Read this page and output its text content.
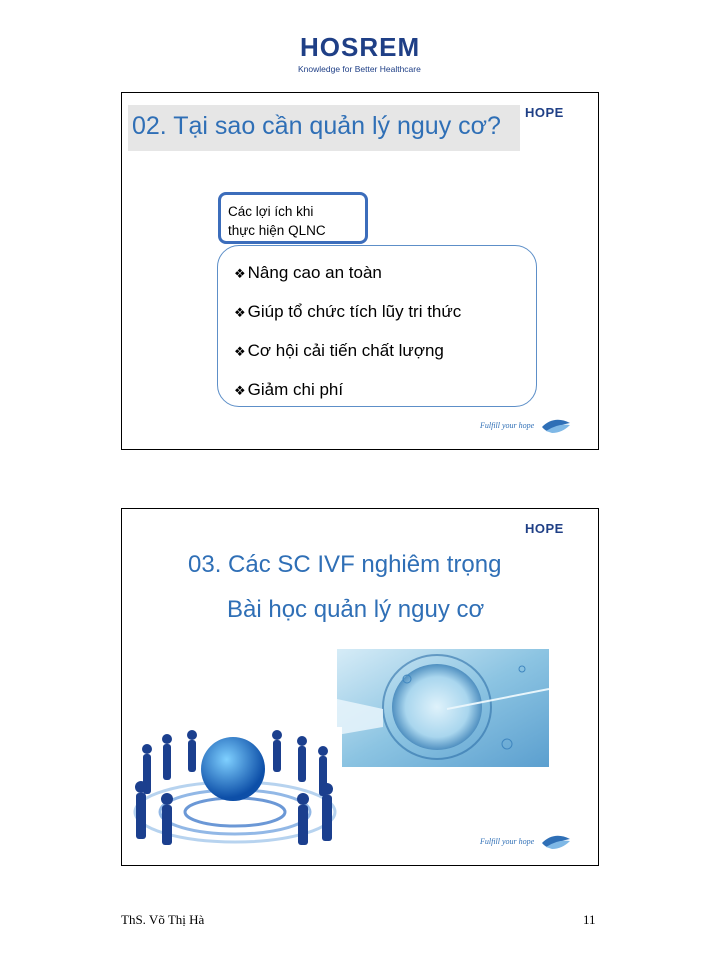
HOSREM
Knowledge for Better Healthcare
02. Tại sao cần quản lý nguy cơ? HOPE
❖ Nâng cao an toàn
❖ Giúp tổ chức tích lũy tri thức
❖ Cơ hội cải tiến chất lượng
❖ Giảm chi phí
Các lợi ích khi
thực hiện QLNC
Fulfill your hope
HOPE
03. Các SC IVF nghiêm trọng
Bài học quản lý nguy cơ
Fulfill your hope
ThS. Võ Thị Hà	11
